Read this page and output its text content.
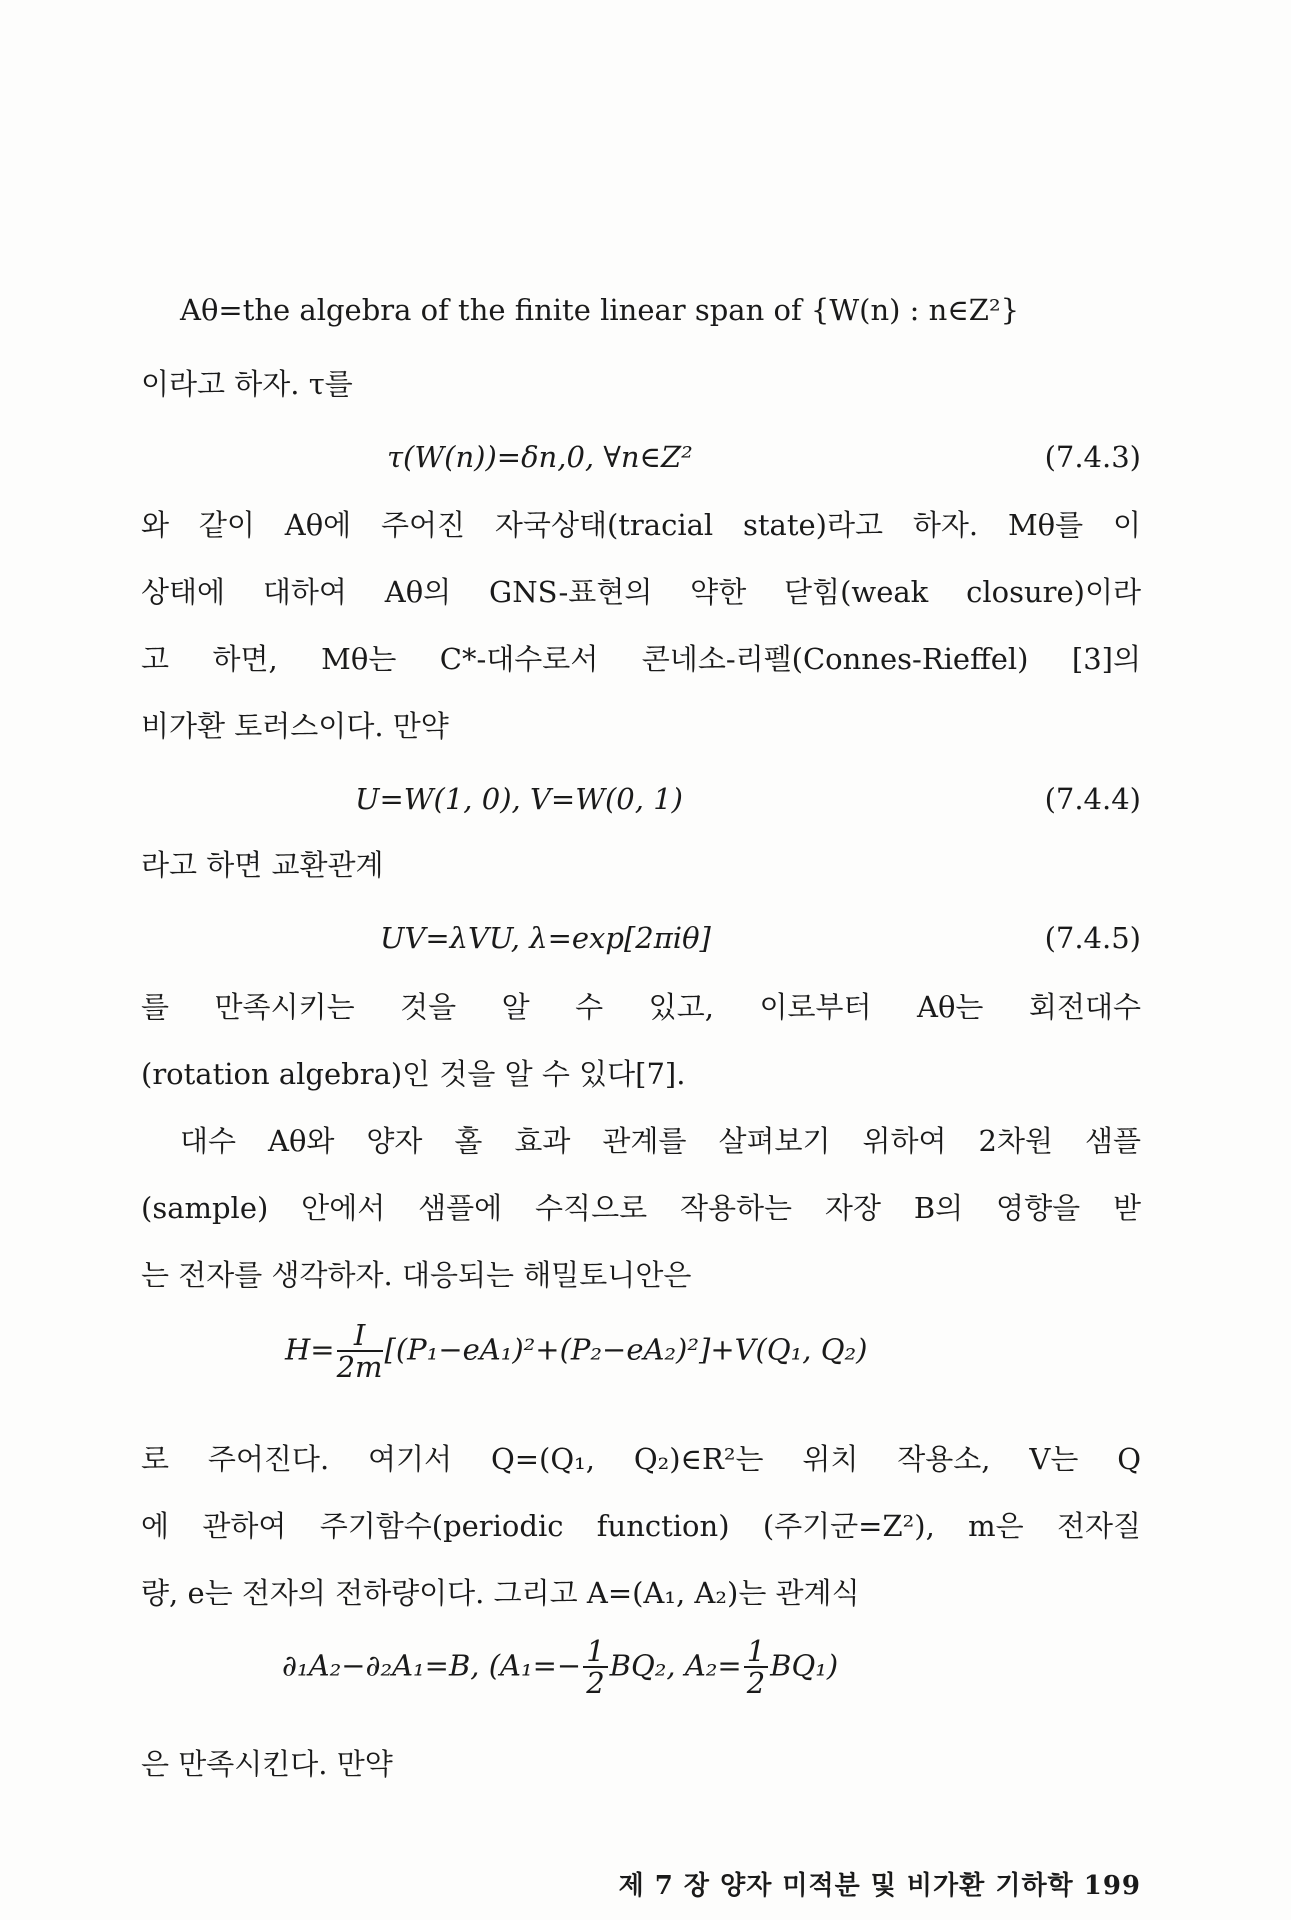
Aθ=the algebra of the finite linear span of {W(n) : n∈Z²}
이라고 하자. τ를
τ(W(n))=δn,0, ∀n∈Z²	(7.4.3)
와 같이 Aθ에 주어진 자국상태(tracial state)라고 하자. Mθ를 이
상태에 대하여 Aθ의 GNS-표현의 약한 닫힘(weak closure)이라
고 하면, Mθ는 C*-대수로서 콘네소-리펠(Connes-Rieffel) [3]의
비가환 토러스이다. 만약
U=W(1, 0), V=W(0, 1)	(7.4.4)
라고 하면 교환관계
UV=λVU, λ=exp[2πiθ]	(7.4.5)
를 만족시키는 것을 알 수 있고, 이로부터 Aθ는 회전대수
(rotation algebra)인 것을 알 수 있다[7].
대수 Aθ와 양자 홀 효과 관계를 살펴보기 위하여 2차원 샘플
(sample) 안에서 샘플에 수직으로 작용하는 자장 B의 영향을 받
는 전자를 생각하자. 대응되는 해밀토니안은
$H= \frac{I}{2m} [(P_1-eA_1)^2+(P_2-eA_2)^2]+V(Q_1$, Q₂)
로 주어진다. 여기서 Q=(Q₁, Q₂)∈R²는 위치 작용소, V는 Q
에 관하여 주기함수(periodic function) (주기군=Z²), m은 전자질
량, e는 전자의 전하량이다. 그리고 A=(A₁, A₂)는 관계식
∂₁A₂−∂₂A₁=B, ($A_1=- \frac{1}{2} BQ_2$, $A_2= \frac{1}{2} BQ_1$)
은 만족시킨다. 만약
제 7 장 양자 미적분 및 비가환 기하학 199
